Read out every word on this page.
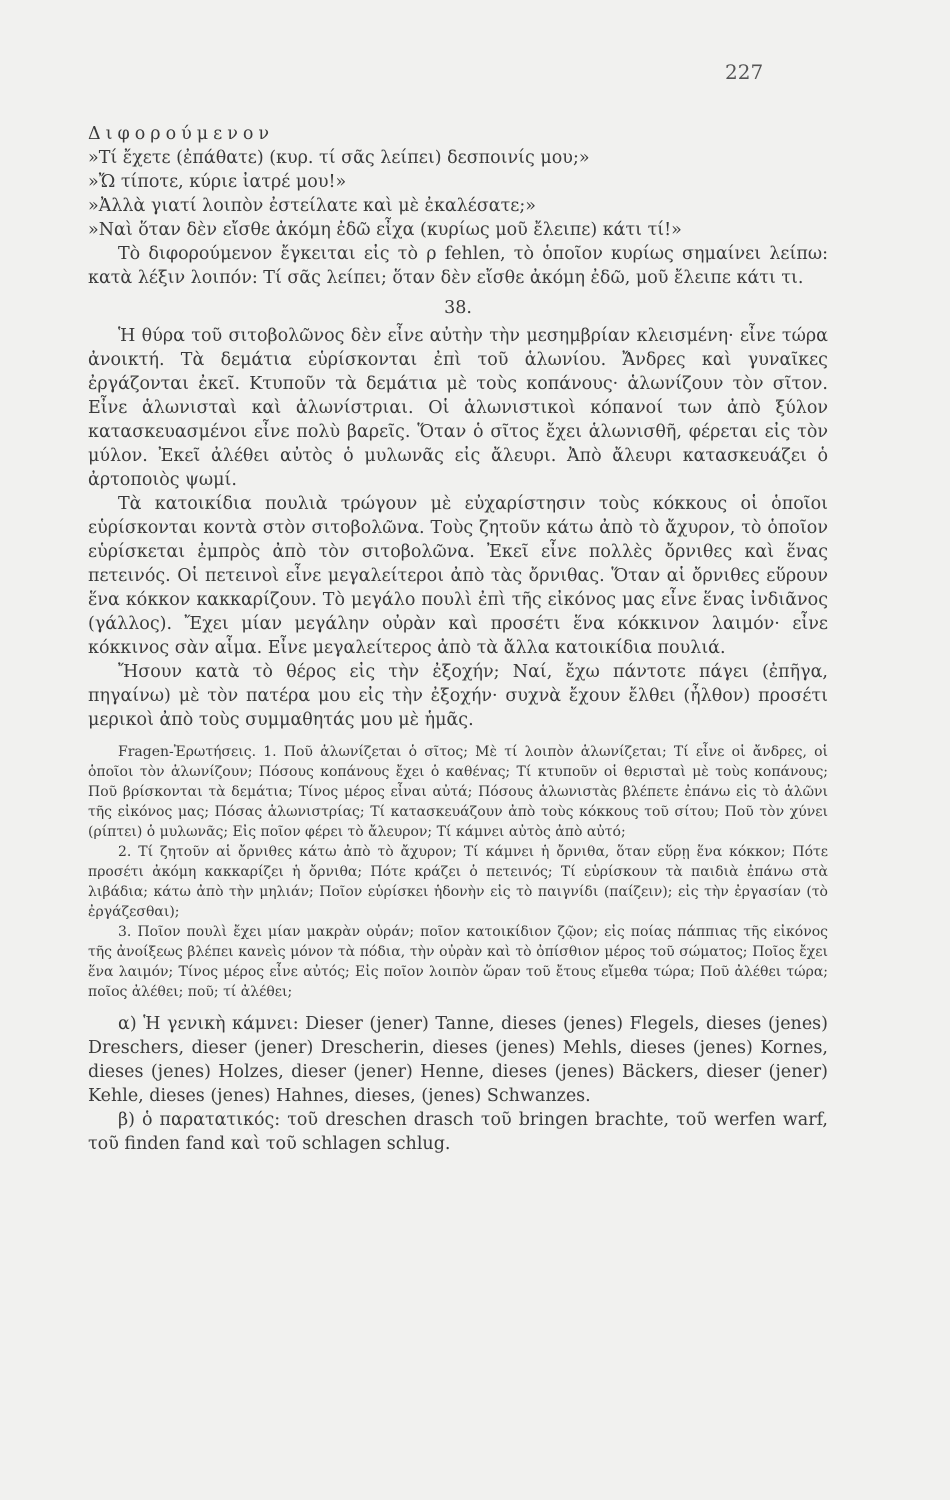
227

Διφορούμενον

»Τί ἔχετε (ἐπάθατε) (κυρ. τί σᾶς λείπει) δεσποινίς μου;»

»Ὤ τίποτε, κύριε ἰατρέ μου!»

»Ἀλλὰ γιατί λοιπὸν ἐστείλατε καὶ μὲ ἐκαλέσατε;»

»Ναὶ ὅταν δὲν εἴσθε ἀκόμη ἐδῶ εἶχα (κυρίως μοῦ ἔλειπε) κάτι τί!»

Τὸ διφορούμενον ἔγκειται εἰς τὸ ρ fehlen, τὸ ὁποῖον κυρίως σημαίνει λείπω: κατὰ λέξιν λοιπόν: Τί σᾶς λείπει; ὅταν δὲν εἴσθε ἀκόμη ἐδῶ, μοῦ ἔλειπε κάτι τι.

38.

Ἡ θύρα τοῦ σιτοβολῶνος δὲν εἶνε αὐτὴν τὴν μεσημβρίαν κλεισμένη· εἶνε τώρα ἀνοικτή. Τὰ δεμάτια εὑρίσκονται ἐπὶ τοῦ ἁλωνίου. Ἄνδρες καὶ γυναῖκες ἐργάζονται ἐκεῖ. Κτυποῦν τὰ δεμάτια μὲ τοὺς κοπάνους· ἁλωνίζουν τὸν σῖτον. Εἶνε ἁλωνισταὶ καὶ ἁλωνίστριαι. Οἱ ἁλωνιστικοὶ κόπανοί των ἀπὸ ξύλον κατασκευασμένοι εἶνε πολὺ βαρεῖς. Ὅταν ὁ σῖτος ἔχει ἁλωνισθῆ, φέρεται εἰς τὸν μύλον. Ἐκεῖ ἀλέθει αὐτὸς ὁ μυλωνᾶς εἰς ἄλευρι. Ἀπὸ ἄλευρι κατασκευάζει ὁ ἀρτοποιὸς ψωμί.

Τὰ κατοικίδια πουλιὰ τρώγουν μὲ εὐχαρίστησιν τοὺς κόκκους οἱ ὁποῖοι εὑρίσκονται κοντὰ στὸν σιτοβολῶνα. Τοὺς ζητοῦν κάτω ἀπὸ τὸ ἄχυρον, τὸ ὁποῖον εὑρίσκεται ἐμπρὸς ἀπὸ τὸν σιτοβολῶνα. Ἐκεῖ εἶνε πολλὲς ὄρνιθες καὶ ἕνας πετεινός. Οἱ πετεινοὶ εἶνε μεγαλείτεροι ἀπὸ τὰς ὄρνιθας. Ὅταν αἱ ὄρνιθες εὕρουν ἕνα κόκκον κακκαρίζουν. Τὸ μεγάλο πουλὶ ἐπὶ τῆς εἰκόνος μας εἶνε ἕνας ἰνδιᾶνος (γάλλος). Ἔχει μίαν μεγάλην οὐρὰν καὶ προσέτι ἕνα κόκκινον λαιμόν· εἶνε κόκκινος σὰν αἷμα. Εἶνε μεγαλείτερος ἀπὸ τὰ ἄλλα κατοικίδια πουλιά.

Ἤσουν κατὰ τὸ θέρος εἰς τὴν ἐξοχήν; Ναί, ἔχω πάντοτε πάγει (ἐπῆγα, πηγαίνω) μὲ τὸν πατέρα μου εἰς τὴν ἐξοχήν· συχνὰ ἔχουν ἔλθει (ἦλθον) προσέτι μερικοὶ ἀπὸ τοὺς συμμαθητάς μου μὲ ἡμᾶς.

Fragen-Ἐρωτήσεις. 1. Ποῦ ἁλωνίζεται ὁ σῖτος; Μὲ τί λοιπὸν ἁλωνίζεται; Τί εἶνε οἱ ἄνδρες, οἱ ὁποῖοι τὸν ἁλωνίζουν; Πόσους κοπάνους ἔχει ὁ καθένας; Τί κτυποῦν οἱ θερισταὶ μὲ τοὺς κοπάνους; Ποῦ βρίσκονται τὰ δεμάτια; Τίνος μέρος εἶναι αὐτά; Πόσους ἁλωνιστὰς βλέπετε ἐπάνω εἰς τὸ ἁλῶνι τῆς εἰκόνος μας; Πόσας ἁλωνιστρίας; Τί κατασκευάζουν ἀπὸ τοὺς κόκκους τοῦ σίτου; Ποῦ τὸν χύνει (ρίπτει) ὁ μυλωνᾶς; Εἰς ποῖον φέρει τὸ ἄλευρον; Τί κάμνει αὐτὸς ἀπὸ αὐτό;

2. Τί ζητοῦν αἱ ὄρνιθες κάτω ἀπὸ τὸ ἄχυρον; Τί κάμνει ἡ ὄρνιθα, ὅταν εὕρῃ ἕνα κόκκον; Πότε προσέτι ἀκόμη κακκαρίζει ἡ ὄρνιθα; Πότε κράζει ὁ πετεινός; Τί εὑρίσκουν τὰ παιδιὰ ἐπάνω στὰ λιβάδια; κάτω ἀπὸ τὴν μηλιάν; Ποῖον εὑρίσκει ἡδονὴν εἰς τὸ παιγνίδι (παίζειν); εἰς τὴν ἐργασίαν (τὸ ἐργάζεσθαι);

3. Ποῖον πουλὶ ἔχει μίαν μακρὰν οὐράν; ποῖον κατοικίδιον ζῷον; εἰς ποίας πάππιας τῆς εἰκόνος τῆς ἀνοίξεως βλέπει κανεὶς μόνον τὰ πόδια, τὴν οὐρὰν καὶ τὸ ὀπίσθιον μέρος τοῦ σώματος; Ποῖος ἔχει ἕνα λαιμόν; Τίνος μέρος εἶνε αὐτός; Εἰς ποῖον λοιπὸν ὥραν τοῦ ἔτους εἴμεθα τώρα; Ποῦ ἀλέθει τώρα; ποῖος ἀλέθει; ποῦ; τί ἀλέθει;

α) Ἡ γενικὴ κάμνει: Dieser (jener) Tanne, dieses (jenes) Flegels, dieses (jenes) Dreschers, dieser (jener) Drescherin, dieses (jenes) Mehls, dieses (jenes) Kornes, dieses (jenes) Holzes, dieser (jener) Henne, dieses (jenes) Bäckers, dieser (jener) Kehle, dieses (jenes) Hahnes, dieses, (jenes) Schwanzes.

β) ὁ παρατατικός: τοῦ dreschen drasch τοῦ bringen brachte, τοῦ werfen warf, τοῦ finden fand καὶ τοῦ schlagen schlug.
